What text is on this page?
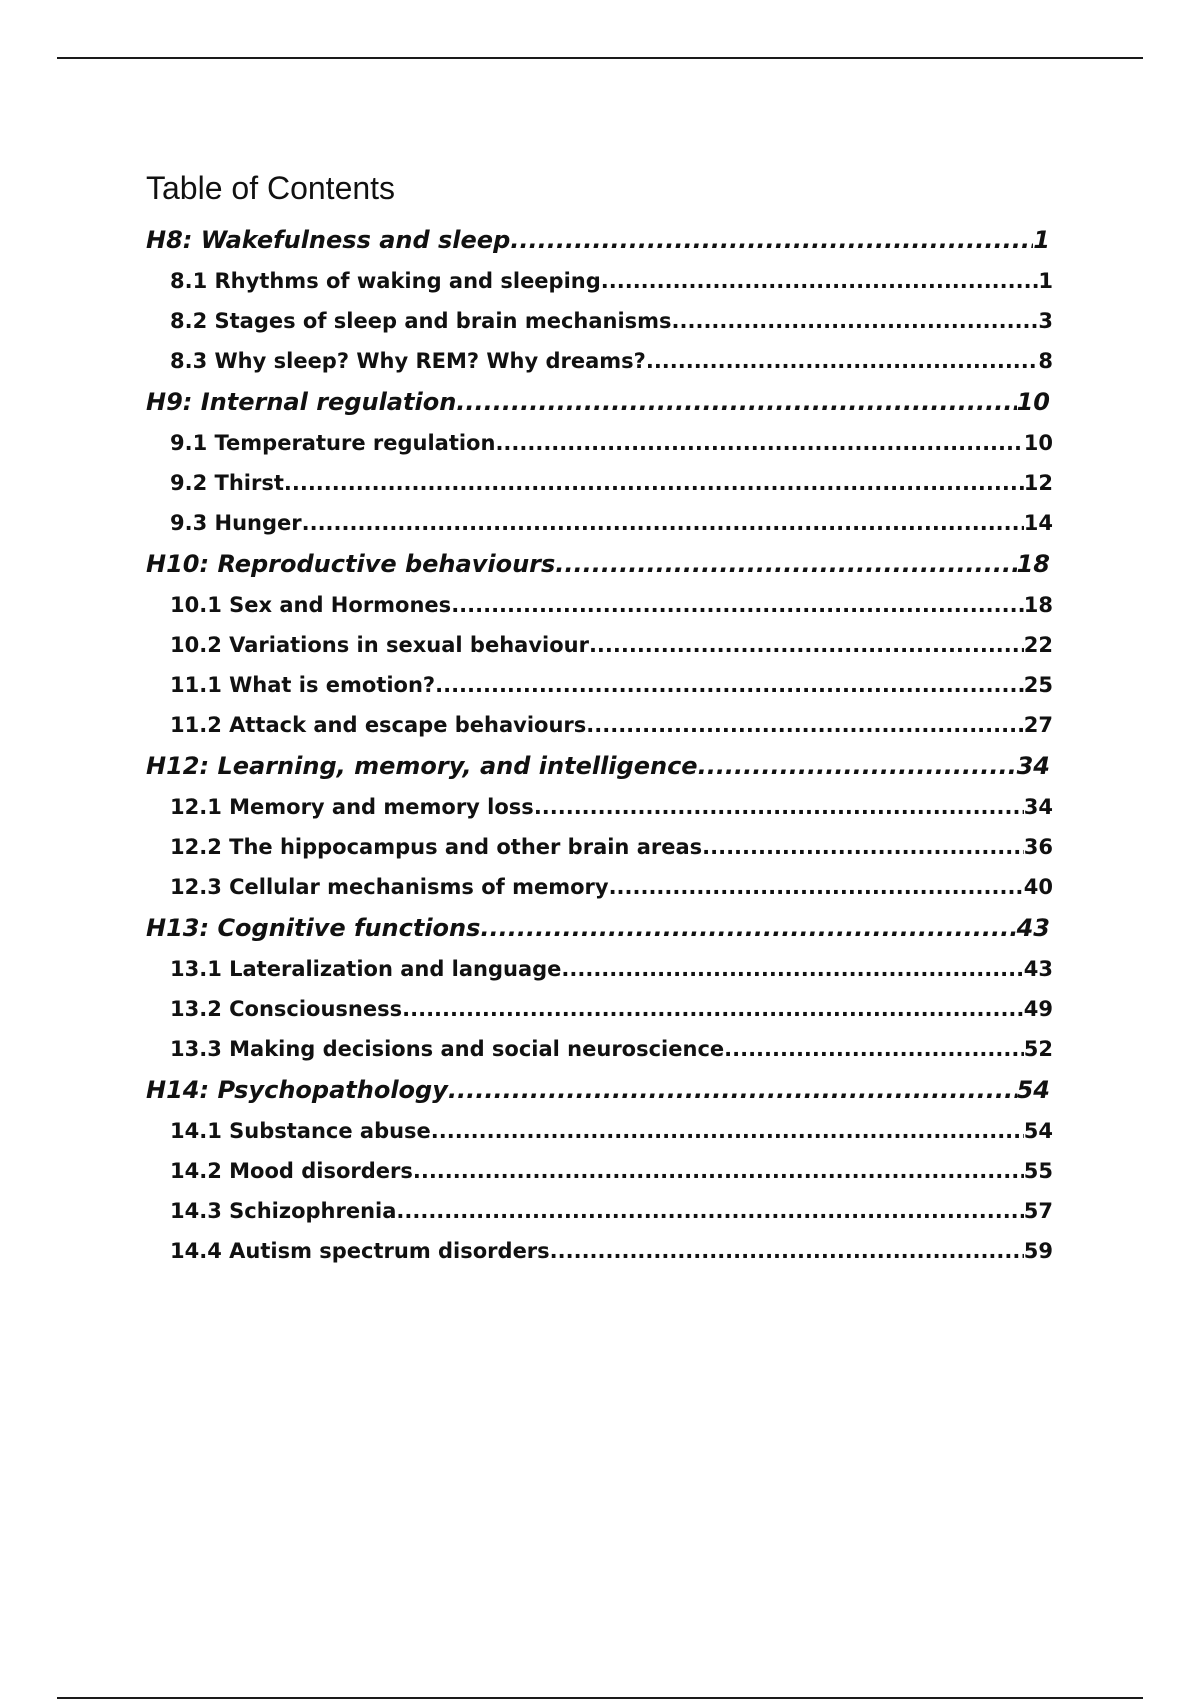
Table of Contents
H8: Wakefulness and sleep .....	1
8.1 Rhythms of waking and sleeping .....	1
8.2 Stages of sleep and brain mechanisms .....	3
8.3 Why sleep? Why REM? Why dreams? .....	8
H9: Internal regulation .....	10
9.1 Temperature regulation .....	10
9.2 Thirst .....	12
9.3 Hunger .....	14
H10: Reproductive behaviours .....	18
10.1 Sex and Hormones .....	18
10.2 Variations in sexual behaviour .....	22
11.1 What is emotion? .....	25
11.2 Attack and escape behaviours .....	27
H12: Learning, memory, and intelligence .....	34
12.1 Memory and memory loss .....	34
12.2 The hippocampus and other brain areas .....	36
12.3 Cellular mechanisms of memory .....	40
H13: Cognitive functions .....	43
13.1 Lateralization and language .....	43
13.2 Consciousness .....	49
13.3 Making decisions and social neuroscience .....	52
H14: Psychopathology .....	54
14.1 Substance abuse .....	54
14.2 Mood disorders .....	55
14.3 Schizophrenia .....	57
14.4 Autism spectrum disorders .....	59
